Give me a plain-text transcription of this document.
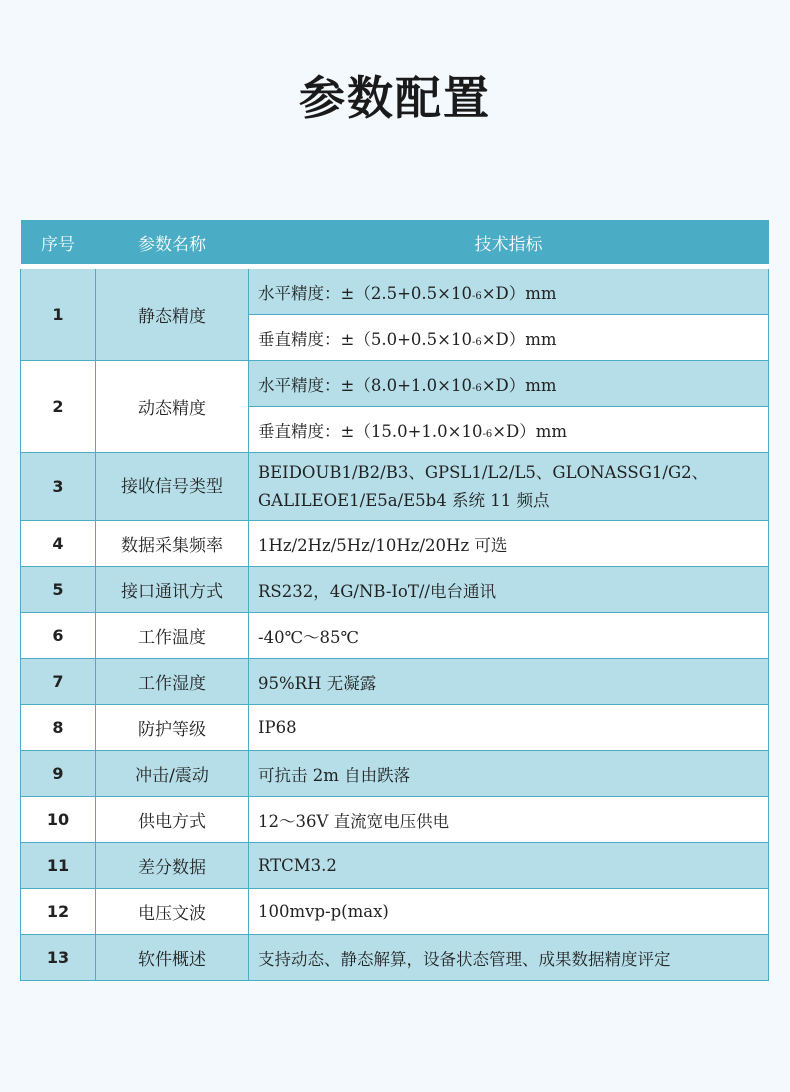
参数配置
序号	参数名称	技术指标
1	静态精度	水平精度：±（2.5+0.5×10-6×D）mm
		垂直精度：±（5.0+0.5×10-6×D）mm
2	动态精度	水平精度：±（8.0+1.0×10-6×D）mm
		垂直精度：±（15.0+1.0×10-6×D）mm
3	接收信号类型	BEIDOUB1/B2/B3、GPSL1/L2/L5、GLONASSG1/G2、
GALILEOE1/E5a/E5b4 系统 11 频点
4	数据采集频率	1Hz/2Hz/5Hz/10Hz/20Hz 可选
5	接口通讯方式	RS232，4G/NB-IoT//电台通讯
6	工作温度	-40℃～85℃
7	工作湿度	95%RH 无凝露
8	防护等级	IP68
9	冲击/震动	可抗击 2m 自由跌落
10	供电方式	12～36V 直流宽电压供电
11	差分数据	RTCM3.2
12	电压文波	100mvp-p(max)
13	软件概述	支持动态、静态解算，设备状态管理、成果数据精度评定
